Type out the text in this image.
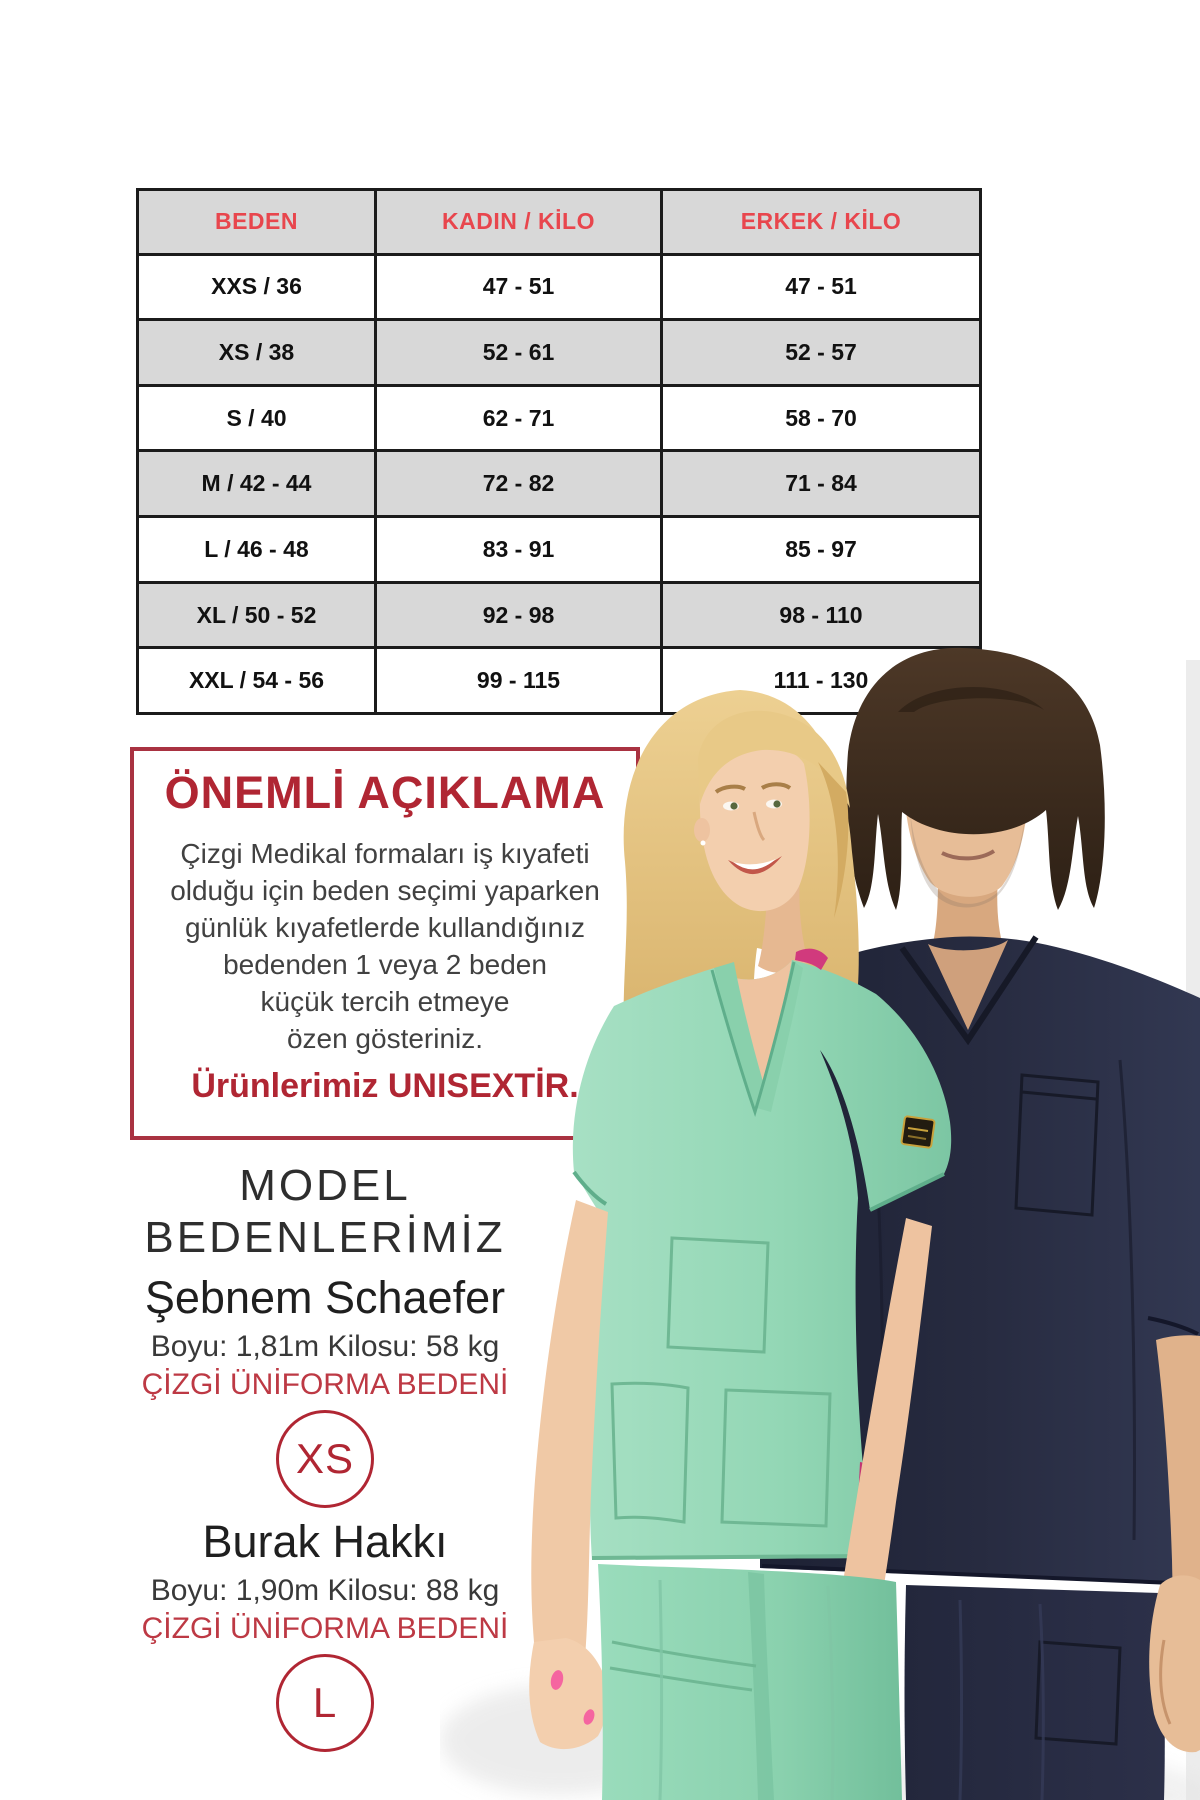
BEDEN	KADIN / KİLO	ERKEK / KİLO
XXS / 36	47 - 51	47 - 51
XS / 38	52 - 61	52 - 57
S / 40	62 - 71	58 - 70
M / 42 - 44	72 - 82	71 - 84
L / 46 - 48	83 - 91	85 - 97
XL / 50 - 52	92 - 98	98 - 110
XXL / 54 - 56	99 - 115	111 - 130
ÖNEMLİ AÇIKLAMA
Çizgi Medikal formaları iş kıyafeti
olduğu için beden seçimi yaparken
günlük kıyafetlerde kullandığınız
bedenden 1 veya 2 beden
küçük tercih etmeye
özen gösteriniz.
Ürünlerimiz UNISEXTİR.
MODEL
BEDENLERİMİZ
Şebnem Schaefer
Boyu: 1,81m Kilosu: 58 kg
ÇİZGİ ÜNİFORMA BEDENİ
XS
Burak Hakkı
Boyu: 1,90m Kilosu: 88 kg
ÇİZGİ ÜNİFORMA BEDENİ
L
